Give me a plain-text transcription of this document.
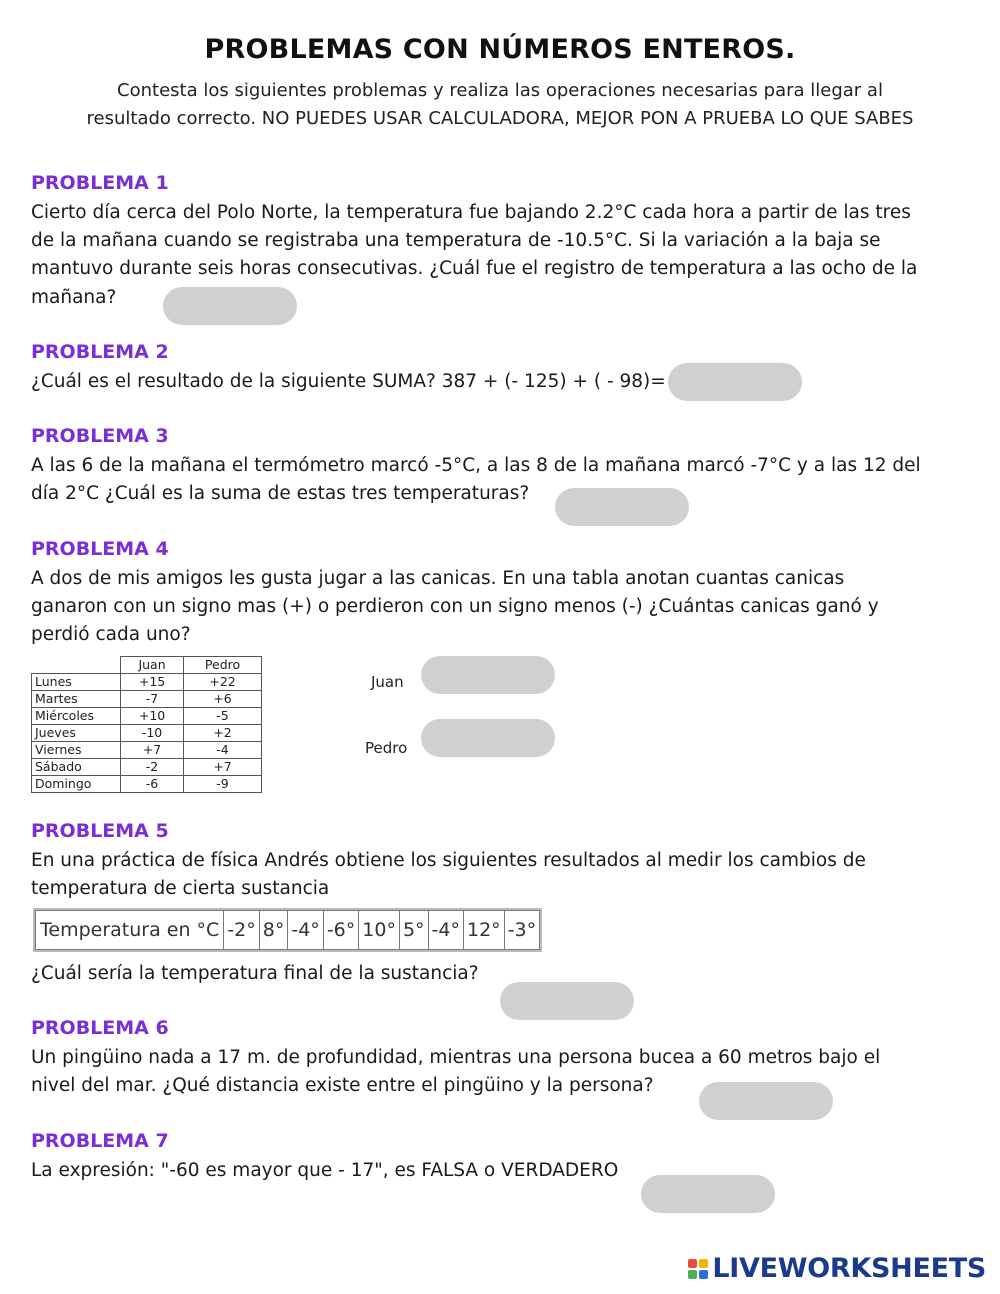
PROBLEMAS CON NÚMEROS ENTEROS.
Contesta los siguientes problemas y realiza las operaciones necesarias para llegar al
resultado correcto. NO PUEDES USAR CALCULADORA, MEJOR PON A PRUEBA LO QUE SABES
PROBLEMA 1
Cierto día cerca del Polo Norte, la temperatura fue bajando 2.2°C cada hora a partir de las tres
de la mañana cuando se registraba una temperatura de -10.5°C. Si la variación a la baja se
mantuvo durante seis horas consecutivas. ¿Cuál fue el registro de temperatura a las ocho de la
mañana?
PROBLEMA 2
¿Cuál es el resultado de la siguiente SUMA? 387 + (- 125) + ( - 98)=
PROBLEMA 3
A las 6 de la mañana el termómetro marcó -5°C, a las 8 de la mañana marcó -7°C y a las 12 del
día 2°C ¿Cuál es la suma de estas tres temperaturas?
PROBLEMA 4
A dos de mis amigos les gusta jugar a las canicas. En una tabla anotan cuantas canicas
ganaron con un signo mas (+) o perdieron con un signo menos (-) ¿Cuántas canicas ganó y
perdió cada uno?
	Juan	Pedro
Lunes	+15	+22
Martes	-7	+6
Miércoles	+10	-5
Jueves	-10	+2
Viernes	+7	-4
Sábado	-2	+7
Domingo	-6	-9
Juan
Pedro
PROBLEMA 5
En una práctica de física Andrés obtiene los siguientes resultados al medir los cambios de
temperatura de cierta sustancia
Temperatura en °C	-2°	8°	-4°	-6°	10°	5°	-4°	12°	-3°
¿Cuál sería la temperatura final de la sustancia?
PROBLEMA 6
Un pingüino nada a 17 m. de profundidad, mientras una persona bucea a 60 metros bajo el
nivel del mar. ¿Qué distancia existe entre el pingüino y la persona?
PROBLEMA 7
La expresión: "-60 es mayor que - 17", es FALSA o VERDADERO
LIVEWORKSHEETS
